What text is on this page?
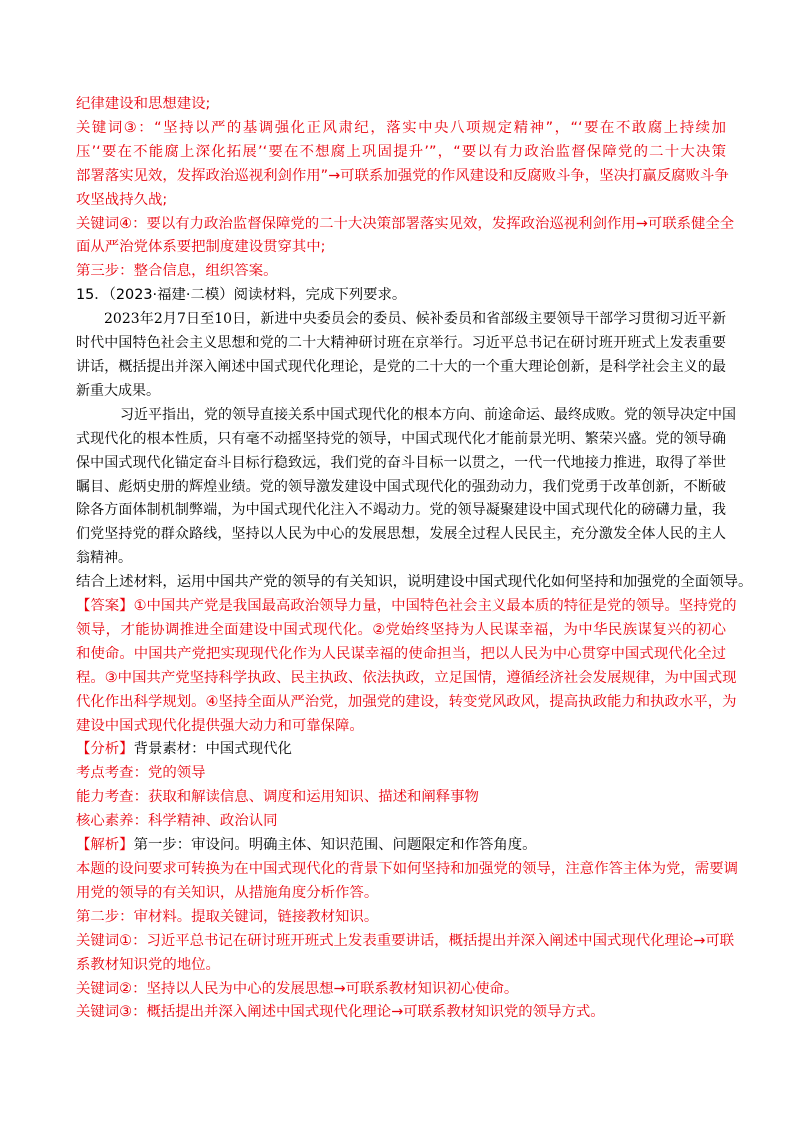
纪律建设和思想建设;
关键词③：“坚持以严的基调强化正风肃纪，落实中央八项规定精神”，“‘要在不敢腐上持续加
压’‘要在不能腐上深化拓展’‘要在不想腐上巩固提升’”，“要以有力政治监督保障党的二十大决策
部署落实见效，发挥政治巡视利剑作用”→可联系加强党的作风建设和反腐败斗争，坚决打赢反腐败斗争
攻坚战持久战;
关键词④：要以有力政治监督保障党的二十大决策部署落实见效，发挥政治巡视利剑作用→可联系健全全
面从严治党体系要把制度建设贯穿其中;
第三步：整合信息，组织答案。
15．（2023·福建·二模）阅读材料，完成下列要求。
2023年2月7日至10日，新进中央委员会的委员、候补委员和省部级主要领导干部学习贯彻习近平新
时代中国特色社会主义思想和党的二十大精神研讨班在京举行。习近平总书记在研讨班开班式上发表重要
讲话，概括提出并深入阐述中国式现代化理论，是党的二十大的一个重大理论创新，是科学社会主义的最
新重大成果。
习近平指出，党的领导直接关系中国式现代化的根本方向、前途命运、最终成败。党的领导决定中国
式现代化的根本性质，只有毫不动摇坚持党的领导，中国式现代化才能前景光明、繁荣兴盛。党的领导确
保中国式现代化锚定奋斗目标行稳致远，我们党的奋斗目标一以贯之，一代一代地接力推进，取得了举世
瞩目、彪炳史册的辉煌业绩。党的领导激发建设中国式现代化的强劲动力，我们党勇于改革创新，不断破
除各方面体制机制弊端，为中国式现代化注入不竭动力。党的领导凝聚建设中国式现代化的磅礴力量，我
们党坚持党的群众路线，坚持以人民为中心的发展思想，发展全过程人民民主，充分激发全体人民的主人
翁精神。
结合上述材料，运用中国共产党的领导的有关知识，说明建设中国式现代化如何坚持和加强党的全面领导。
【答案】①中国共产党是我国最高政治领导力量，中国特色社会主义最本质的特征是党的领导。坚持党的
领导，才能协调推进全面建设中国式现代化。②党始终坚持为人民谋幸福，为中华民族谋复兴的初心
和使命。中国共产党把实现现代化作为人民谋幸福的使命担当，把以人民为中心贯穿中国式现代化全过
程。③中国共产党坚持科学执政、民主执政、依法执政，立足国情，遵循经济社会发展规律，为中国式现
代化作出科学规划。④坚持全面从严治党，加强党的建设，转变党风政风，提高执政能力和执政水平，为
建设中国式现代化提供强大动力和可靠保障。
【分析】背景素材：中国式现代化
考点考查：党的领导
能力考查：获取和解读信息、调度和运用知识、描述和阐释事物
核心素养：科学精神、政治认同
【解析】第一步：审设问。明确主体、知识范围、问题限定和作答角度。
本题的设问要求可转换为在中国式现代化的背景下如何坚持和加强党的领导，注意作答主体为党，需要调
用党的领导的有关知识，从措施角度分析作答。
第二步：审材料。提取关键词，链接教材知识。
关键词①：习近平总书记在研讨班开班式上发表重要讲话，概括提出并深入阐述中国式现代化理论→可联
系教材知识党的地位。
关键词②：坚持以人民为中心的发展思想→可联系教材知识初心使命。
关键词③：概括提出并深入阐述中国式现代化理论→可联系教材知识党的领导方式。
